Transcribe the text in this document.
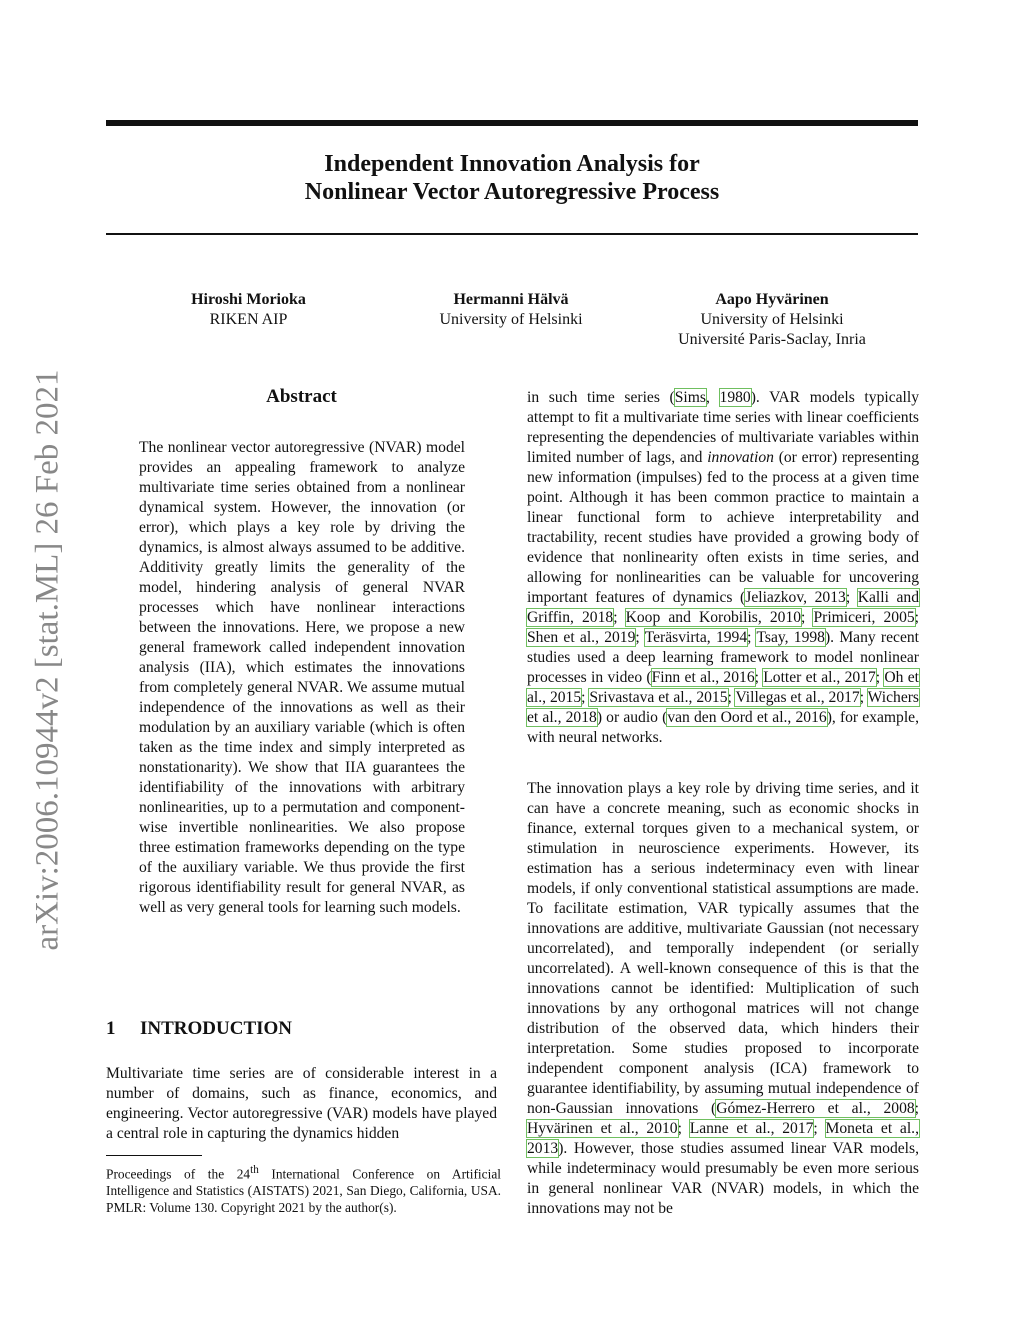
Independent Innovation Analysis for
Nonlinear Vector Autoregressive Process
Hiroshi Morioka
RIKEN AIP
Hermanni Hälvä
University of Helsinki
Aapo Hyvärinen
University of Helsinki
Université Paris-Saclay, Inria
arXiv:2006.10944v2 [stat.ML] 26 Feb 2021	Abstract

The nonlinear vector autoregressive (NVAR) model provides an appealing framework to analyze multivariate time series obtained from a nonlinear dynamical system. However, the innovation (or error), which plays a key role by driving the dynamics, is almost always assumed to be additive. Additivity greatly limits the generality of the model, hindering analysis of general NVAR processes which have nonlinear interactions between the innovations. Here, we propose a new general framework called independent innovation analysis (IIA), which estimates the innovations from completely general NVAR. We assume mutual independence of the innovations as well as their modulation by an auxiliary variable (which is often taken as the time index and simply interpreted as nonstationarity). We show that IIA guarantees the identifiability of the innovations with arbitrary nonlinearities, up to a permutation and component-wise invertible nonlinearities. We also propose three estimation frameworks depending on the type of the auxiliary variable. We thus provide the first rigorous identifiability result for general NVAR, as well as very general tools for learning such models.

1 INTRODUCTION

Multivariate time series are of considerable interest in a number of domains, such as finance, economics, and engineering. Vector autoregressive (VAR) models have played a central role in capturing the dynamics hidden

Proceedings of the 24th International Conference on Artificial Intelligence and Statistics (AISTATS) 2021, San Diego, California, USA. PMLR: Volume 130. Copyright 2021 by the author(s).

in such time series (Sims, 1980). VAR models typically attempt to fit a multivariate time series with linear coefficients representing the dependencies of multivariate variables within limited number of lags, and innovation (or error) representing new information (impulses) fed to the process at a given time point. Although it has been common practice to maintain a linear functional form to achieve interpretability and tractability, recent studies have provided a growing body of evidence that nonlinearity often exists in time series, and allowing for nonlinearities can be valuable for uncovering important features of dynamics (Jeliazkov, 2013; Kalli and Griffin, 2018; Koop and Korobilis, 2010; Primiceri, 2005; Shen et al., 2019; Teräsvirta, 1994; Tsay, 1998). Many recent studies used a deep learning framework to model nonlinear processes in video (Finn et al., 2016; Lotter et al., 2017; Oh et al., 2015; Srivastava et al., 2015; Villegas et al., 2017; Wichers et al., 2018) or audio (van den Oord et al., 2016), for example, with neural networks.

The innovation plays a key role by driving time series, and it can have a concrete meaning, such as economic shocks in finance, external torques given to a mechanical system, or stimulation in neuroscience experiments. However, its estimation has a serious indeterminacy even with linear models, if only conventional statistical assumptions are made. To facilitate estimation, VAR typically assumes that the innovations are additive, multivariate Gaussian (not necessary uncorrelated), and temporally independent (or serially uncorrelated). A well-known consequence of this is that the innovations cannot be identified: Multiplication of such innovations by any orthogonal matrices will not change distribution of the observed data, which hinders their interpretation. Some studies proposed to incorporate independent component analysis (ICA) framework to guarantee identifiability, by assuming mutual independence of non-Gaussian innovations (Gómez-Herrero et al., 2008; Hyvärinen et al., 2010; Lanne et al., 2017; Moneta et al., 2013). However, those studies assumed linear VAR models, while indeterminacy would presumably be even more serious in general nonlinear VAR (NVAR) models, in which the innovations may not be
